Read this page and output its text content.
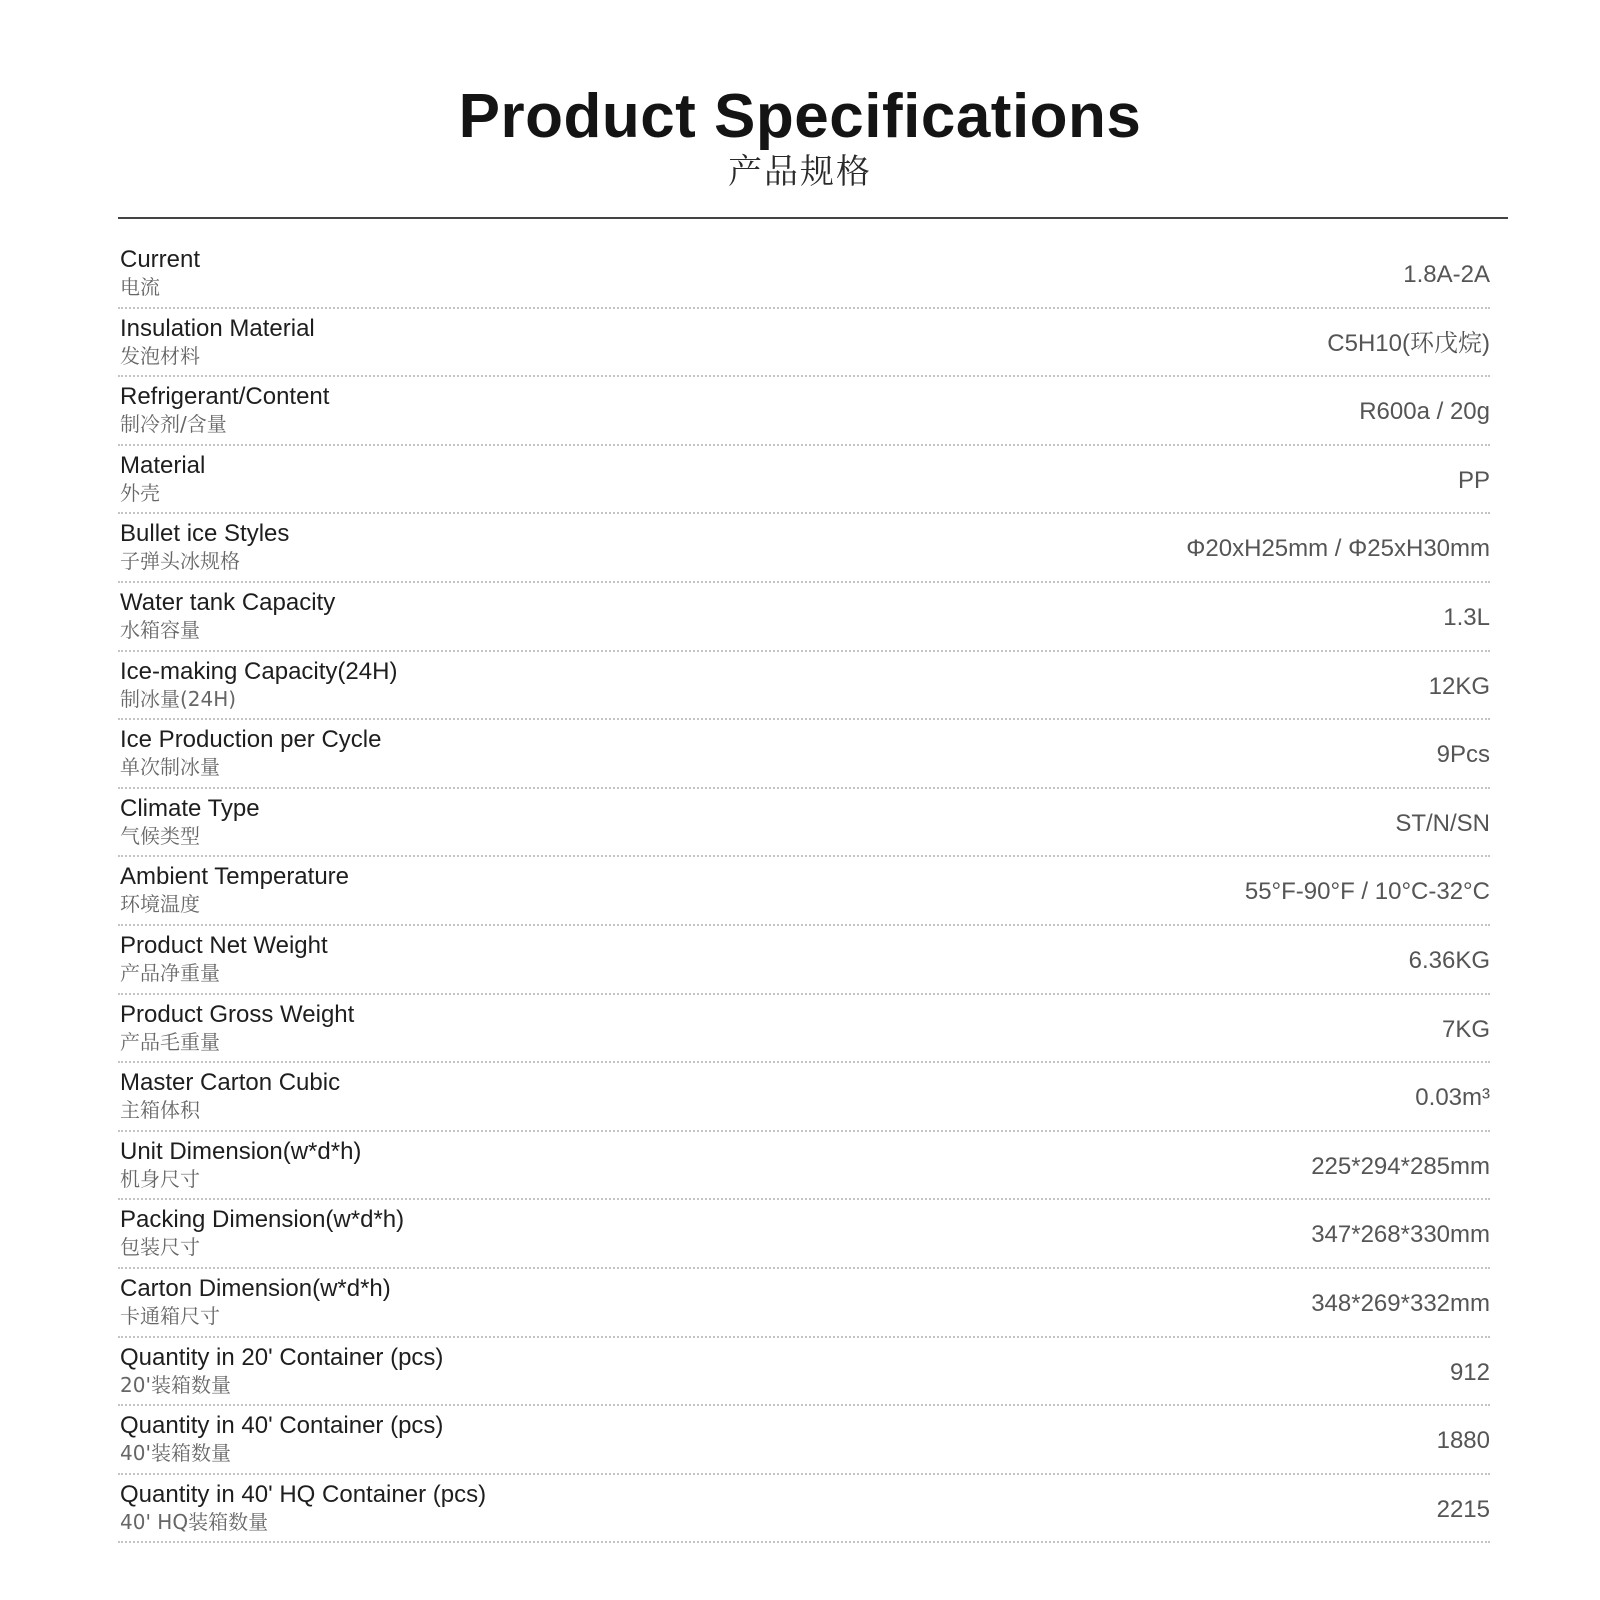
Product Specifications
产品规格
Current
电流	1.8A-2A
Insulation Material
发泡材料	C5H10(环戊烷)
Refrigerant/Content
制冷剂/含量	R600a / 20g
Material
外壳	PP
Bullet ice Styles
子弹头冰规格	Φ20xH25mm / Φ25xH30mm
Water tank Capacity
水箱容量	1.3L
Ice-making Capacity(24H)
制冰量(24H)	12KG
Ice Production per Cycle
单次制冰量	9Pcs
Climate Type
气候类型	ST/N/SN
Ambient Temperature
环境温度	55°F-90°F / 10°C-32°C
Product Net Weight
产品净重量	6.36KG
Product Gross Weight
产品毛重量	7KG
Master Carton Cubic
主箱体积	0.03m³
Unit Dimension(w*d*h)
机身尺寸	225*294*285mm
Packing Dimension(w*d*h)
包装尺寸	347*268*330mm
Carton Dimension(w*d*h)
卡通箱尺寸	348*269*332mm
Quantity in 20' Container (pcs)
20'装箱数量	912
Quantity in 40' Container (pcs)
40'装箱数量	1880
Quantity in 40' HQ Container (pcs)
40' HQ装箱数量	2215
